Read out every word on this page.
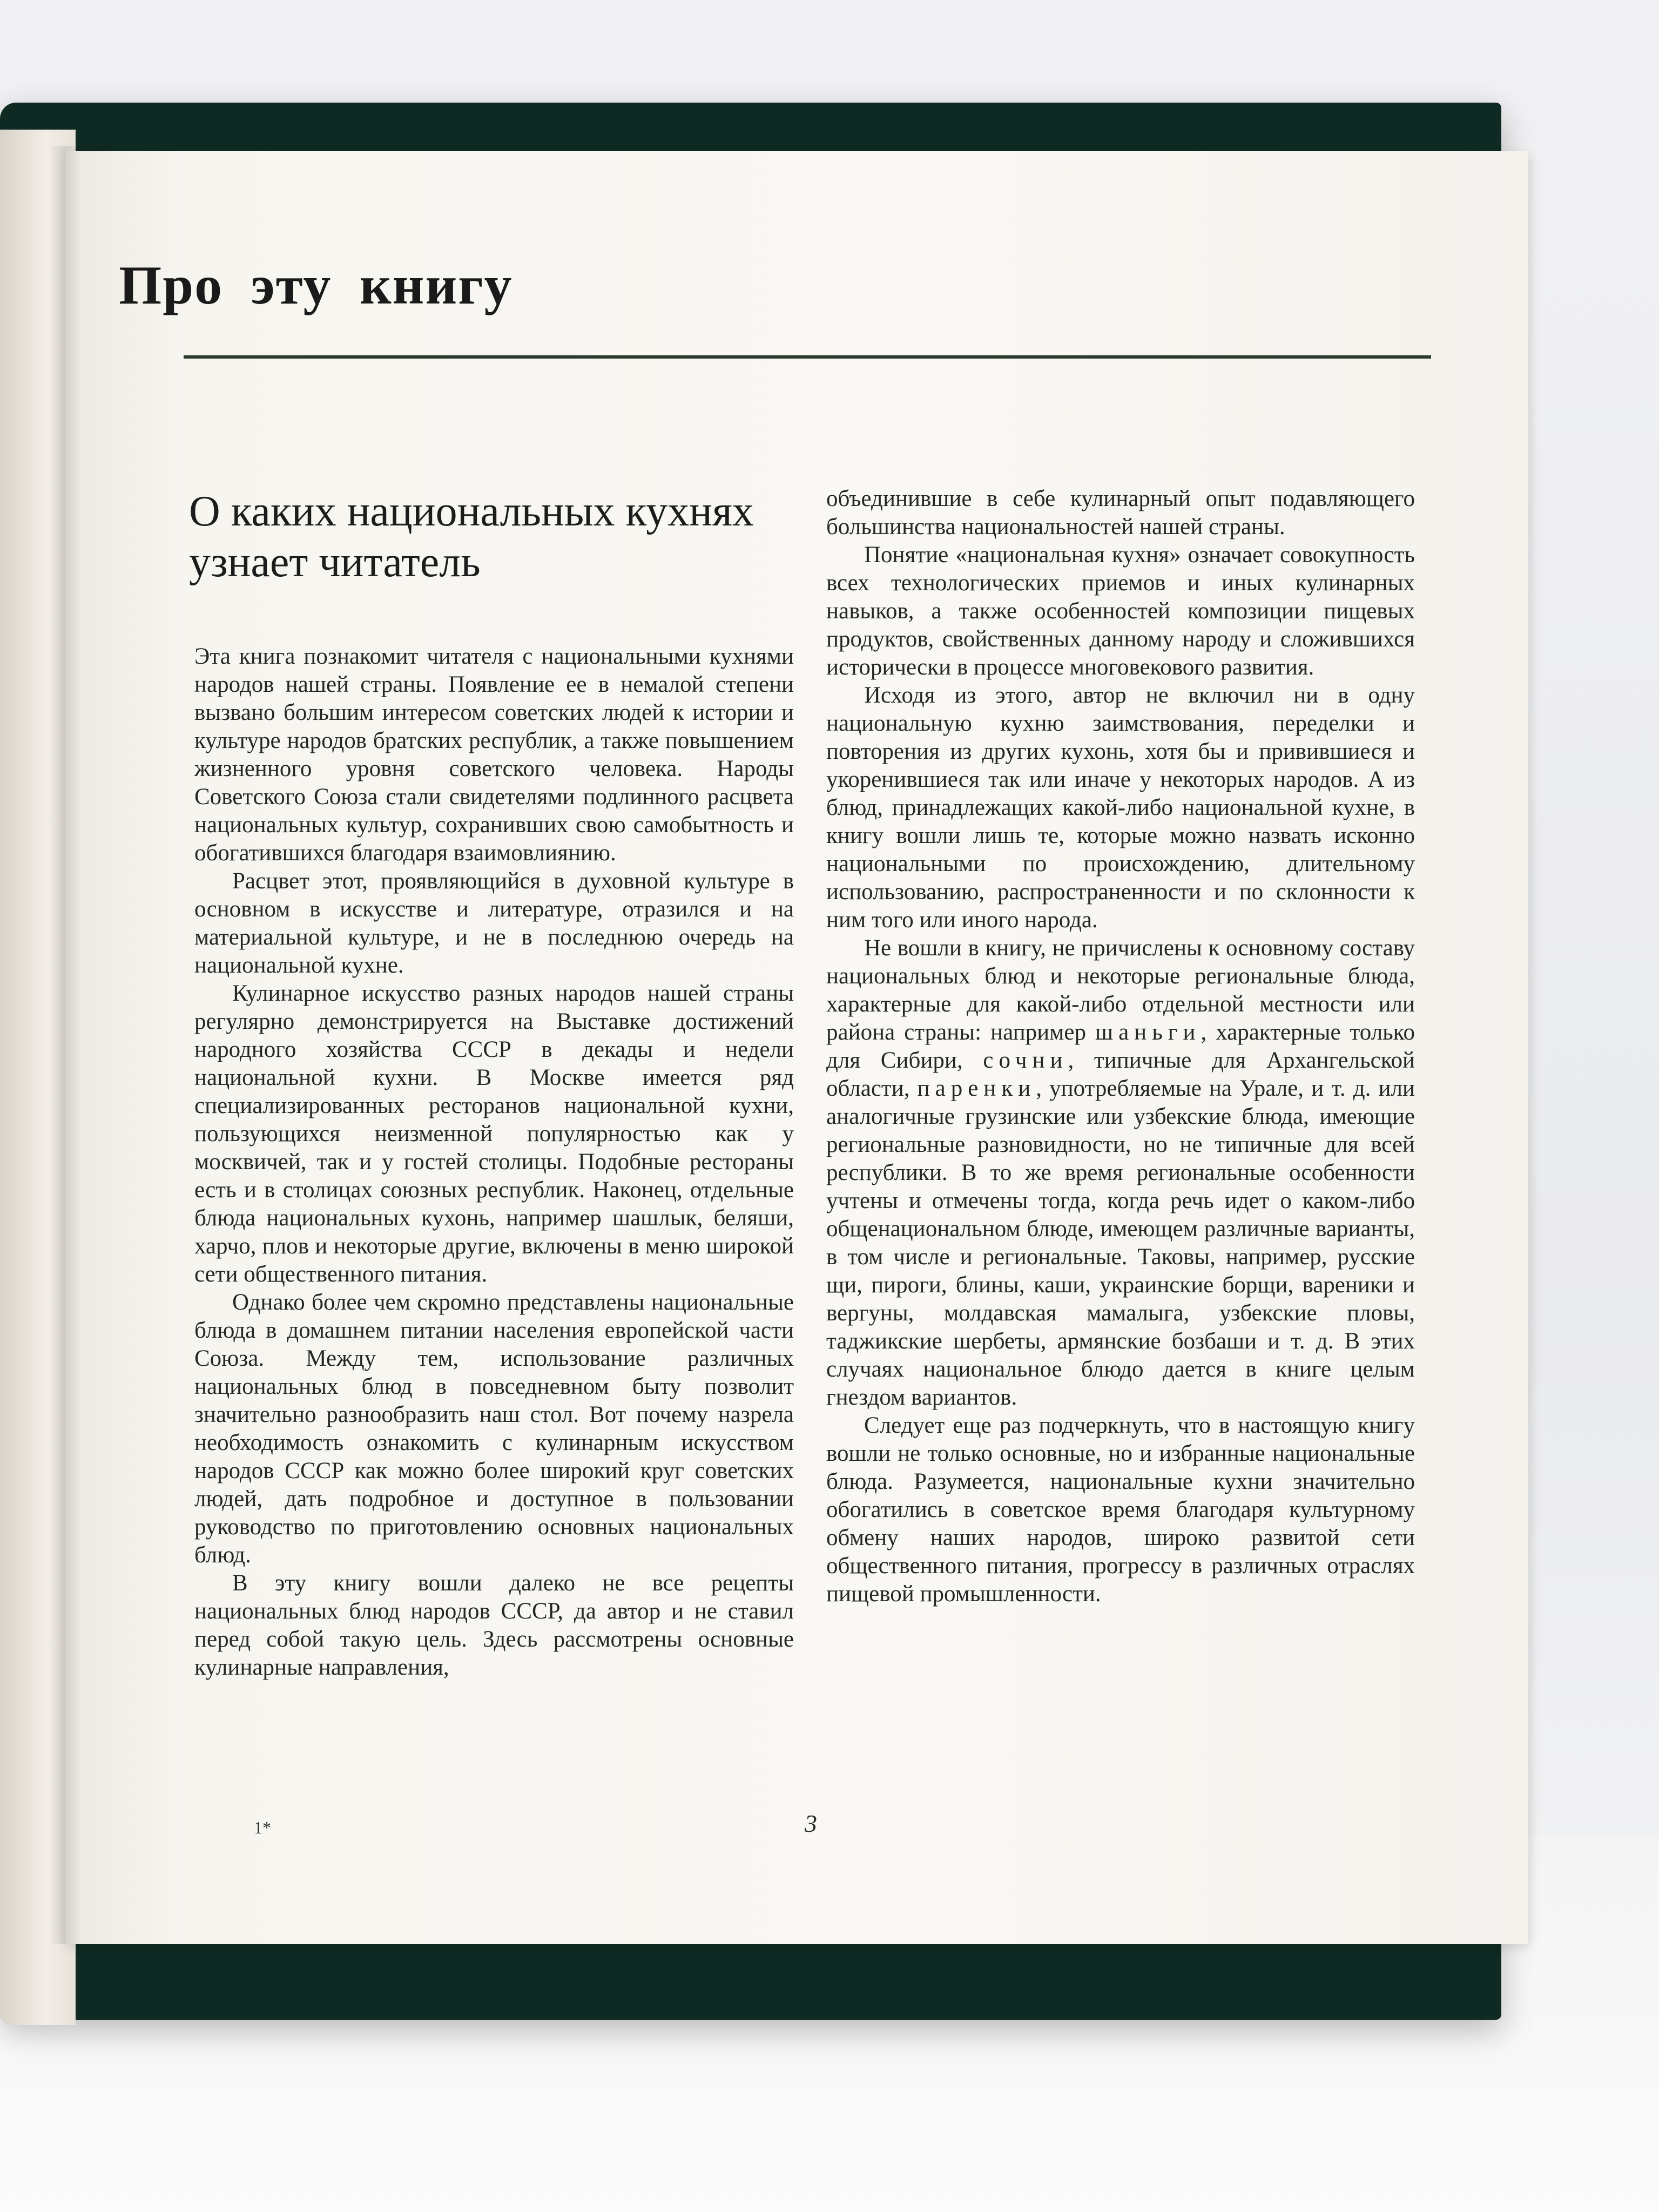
Про эту книгу
О каких национальных кухнях узнает читатель

Эта книга познакомит читателя с национальными кухнями народов нашей страны. Появление ее в немалой степени вызвано большим интересом советских людей к истории и культуре народов братских республик, а также повышением жизненного уровня советского человека. Народы Советского Союза стали свидетелями подлинного расцвета национальных культур, сохранивших свою самобытность и обогатившихся благодаря взаимовлиянию.

Расцвет этот, проявляющийся в духовной культуре в основном в искусстве и литературе, отразился и на материальной культуре, и не в последнюю очередь на национальной кухне.

Кулинарное искусство разных народов нашей страны регулярно демонстрируется на Выставке достижений народного хозяйства СССР в декады и недели национальной кухни. В Москве имеется ряд специализированных ресторанов национальной кухни, пользующихся неизменной популярностью как у москвичей, так и у гостей столицы. Подобные рестораны есть и в столицах союзных республик. Наконец, отдельные блюда национальных кухонь, например шашлык, беляши, харчо, плов и некоторые другие, включены в меню широкой сети общественного питания.

Однако более чем скромно представлены национальные блюда в домашнем питании населения европейской части Союза. Между тем, использование различных национальных блюд в повседневном быту позволит значительно разнообразить наш стол. Вот почему назрела необходимость ознакомить с кулинарным искусством народов СССР как можно более широкий круг советских людей, дать подробное и доступное в пользовании руководство по приготовлению основных национальных блюд.

В эту книгу вошли далеко не все рецепты национальных блюд народов СССР, да автор и не ставил перед собой такую цель. Здесь рассмотрены основные кулинарные направления,

объединившие в себе кулинарный опыт подавляющего большинства национальностей нашей страны.

Понятие «национальная кухня» означает совокупность всех технологических приемов и иных кулинарных навыков, а также особенностей композиции пищевых продуктов, свойственных данному народу и сложившихся исторически в процессе многовекового развития.

Исходя из этого, автор не включил ни в одну национальную кухню заимствования, переделки и повторения из других кухонь, хотя бы и привившиеся и укоренившиеся так или иначе у некоторых народов. А из блюд, принадлежащих какой-либо национальной кухне, в книгу вошли лишь те, которые можно назвать исконно национальными по происхождению, длительному использованию, распространенности и по склонности к ним того или иного народа.

Не вошли в книгу, не причислены к основному составу национальных блюд и некоторые региональные блюда, характерные для какой-либо отдельной местности или района страны: например шаньги, характерные только для Сибири, сочни, типичные для Архангельской области, паренки, употребляемые на Урале, и т. д. или аналогичные грузинские или узбекские блюда, имеющие региональные разновидности, но не типичные для всей республики. В то же время региональные особенности учтены и отмечены тогда, когда речь идет о каком-либо общенациональном блюде, имеющем различные варианты, в том числе и региональные. Таковы, например, русские щи, пироги, блины, каши, украинские борщи, вареники и вергуны, молдавская мамалыга, узбекские пловы, таджикские шербеты, армянские бозбаши и т. д. В этих случаях национальное блюдо дается в книге целым гнездом вариантов.

Следует еще раз подчеркнуть, что в настоящую книгу вошли не только основные, но и избранные национальные блюда. Разумеется, национальные кухни значительно обогатились в советское время благодаря культурному обмену наших народов, широко развитой сети общественного питания, прогрессу в различных отраслях пищевой промышленности.

1*	3
